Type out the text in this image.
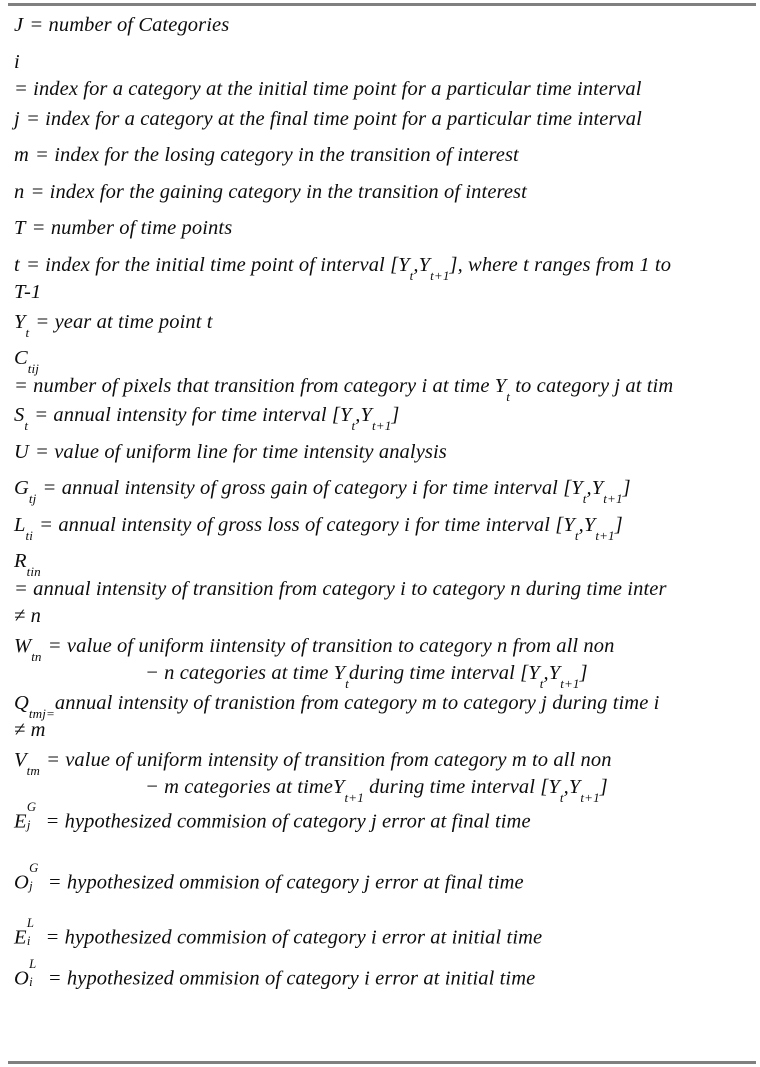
J = number of Categories
i
= index for a category at the initial time point for a particular time interval
j = index for a category at the final time point for a particular time interval
m = index for the losing category in the transition of interest
n = index for the gaining category in the transition of interest
T = number of time points
t = index for the initial time point of interval $[Y_t,Y_{t+1}]$, where t ranges from 1 to
T-1
$Y_t$ = year at time point t
$C_{tij}$
= number of pixels that transition from category i at time $Y_t$ to category j at tim
$S_t$ = annual intensity for time interval $[Y_t,Y_{t+1}]$
U = value of uniform line for time intensity analysis
$G_{tj}$ = annual intensity of gross gain of category i for time interval $[Y_t,Y_{t+1}]$
$L_{ti}$ = annual intensity of gross loss of category i for time interval $[Y_t,Y_{t+1}]$
$R_{tin}$
= annual intensity of transition from category i to category n during time inter
≠ n
$W_{tn}$ = value of uniform iintensity of transition to category n from all non
− n categories at time $Y_tduring$ time interval $[Y_t,Y_{t+1}]$
$Q_{tmj=}annual$ intensity of tranistion from category m to category j during time i
≠ m
$V_{tm}$ = value of uniform intensity of transition from category m to all non
− m categories at timeY$_{t+1}$ during time interval $[Y_t,Y_{t+1}]$
E
G
j = hypothesized commision of category j error at final time
O
G
j = hypothesized ommision of category j error at final time
E
L
i = hypothesized commision of category i error at initial time
O
L
i = hypothesized ommision of category i error at initial time
